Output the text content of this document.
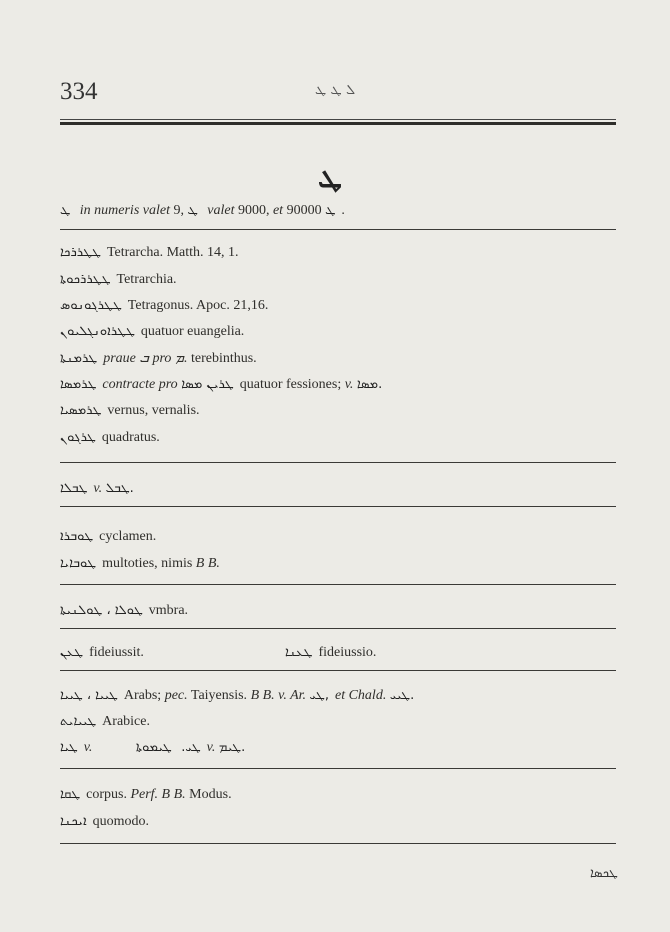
334	ܠ ܛ ܛ
ܛ
ܛ in numeris valet 9, ܛ valet 9000, et	ܛ 90000.
ܛܛܪܪܟܐ Tetrarcha. Matth. 14, 1.
ܛܛܪܪܟܘܬܐ Tetrarchia.
ܛܛܪܓܘܢܘܣ Tetragonus. Apoc. 21,16.
ܛܛܪܐܘܢܓܠܝܘܢ quatuor euangelia.
ܛܪܡܢܬܐ praue ܒ pro ܡ. terebinthus.
ܛܪܡܣܐ contracte pro ܛܪܝܢ ܡܣܐ quatuor fessiones; v. ܡܣܐ.
ܛܪܡܣܝܐ vernus, vernalis.
ܛܪܓܘܢ quadratus.
ܛܒܠܐ v. ܛܒܠ.
ܛܘܒܪܐ cyclamen.
ܛܘܒܐܝܐ multoties, nimis B B.
ܛܘܠܐ ، ܛܘܠܢܝܬܐ vmbra.
ܛܥܢ fideiussit.	ܛܥܢܐ fideiussio.
ܛܝܝܐ ، ܛܝܝܐ Arabs; pec. Taiyensis. B B. v. Ar. ܛܝ, et Chald. ܛܝܝ.
ܛܝܝܐܝܬ Arabice.
ܛܝܐ v.	ܛܝ. ܛܝܡܘܬܐ v. ܛܝܡ.
ܛܩܐ corpus. Perf. B B. Modus.
ܐܝܟܢܐ quomodo.
ܛܟܣܐ
